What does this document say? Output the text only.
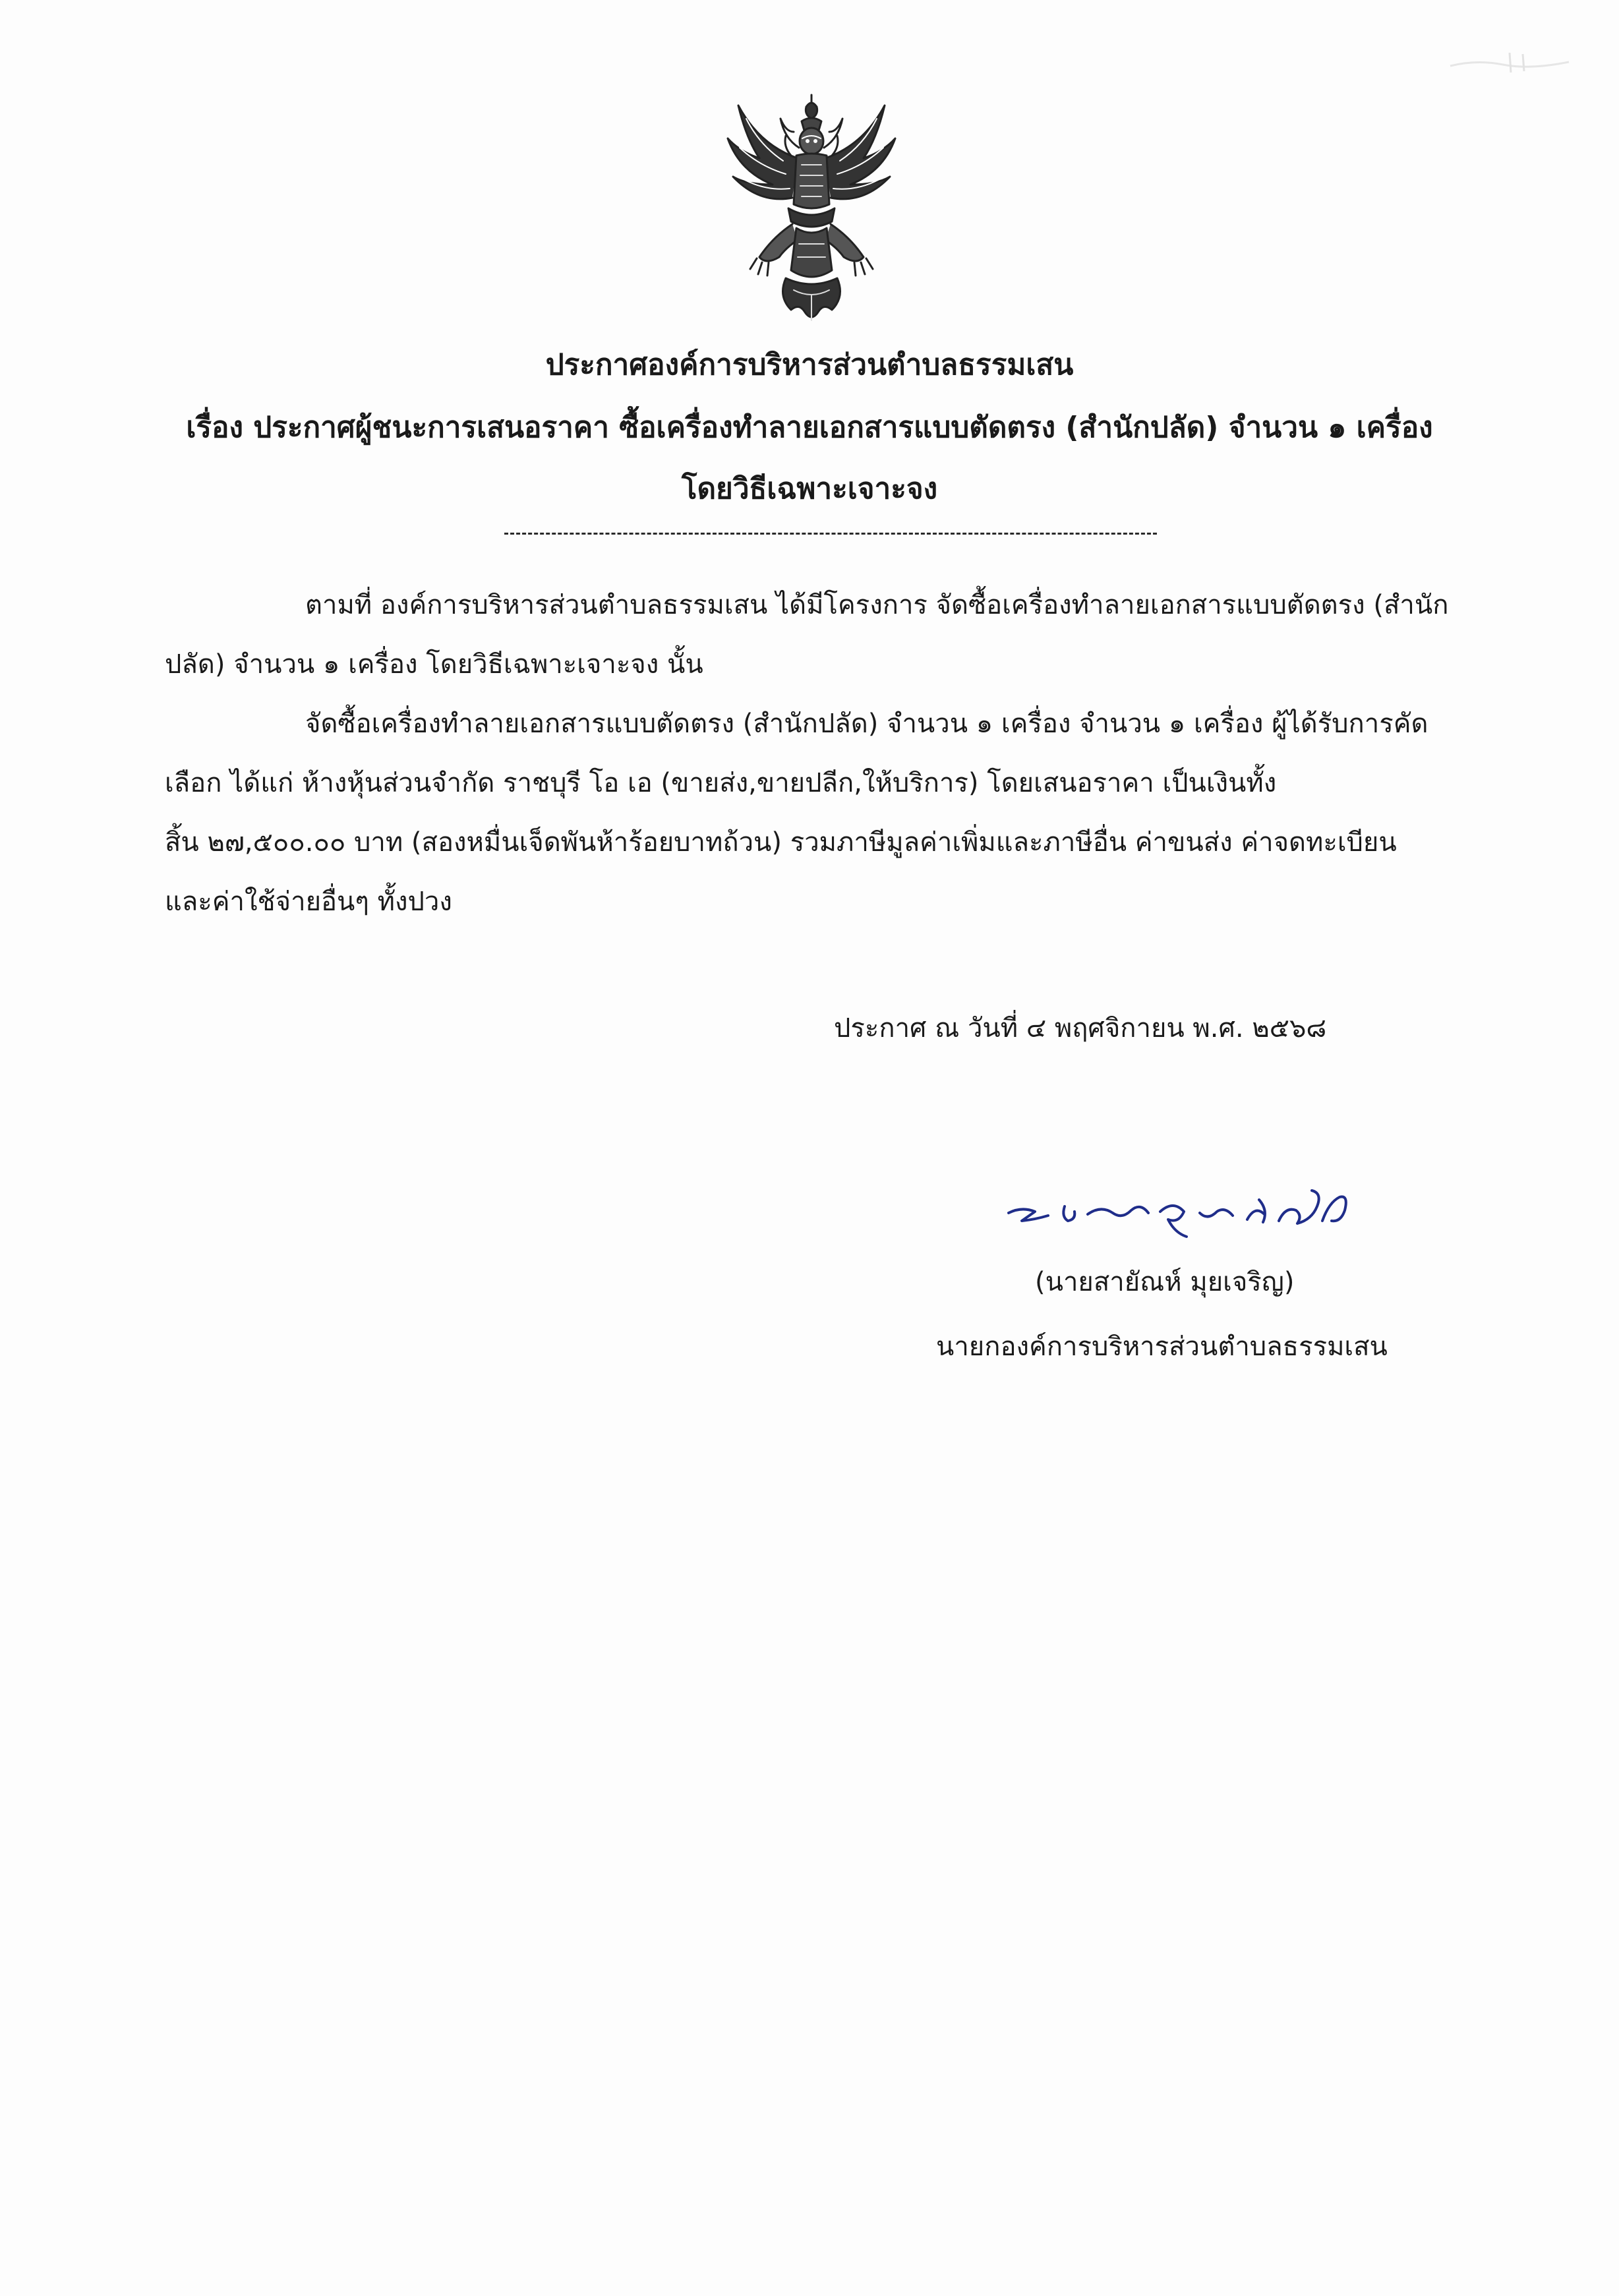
ประกาศองค์การบริหารส่วนตำบลธรรมเสน
เรื่อง ประกาศผู้ชนะการเสนอราคา ซื้อเครื่องทำลายเอกสารแบบตัดตรง (สำนักปลัด) จำนวน ๑ เครื่อง
โดยวิธีเฉพาะเจาะจง
ตามที่ องค์การบริหารส่วนตำบลธรรมเสน ได้มีโครงการ จัดซื้อเครื่องทำลายเอกสารแบบตัดตรง (สำนัก
ปลัด) จำนวน ๑ เครื่อง โดยวิธีเฉพาะเจาะจง นั้น
จัดซื้อเครื่องทำลายเอกสารแบบตัดตรง (สำนักปลัด) จำนวน ๑ เครื่อง จำนวน ๑ เครื่อง ผู้ได้รับการคัด
เลือก ได้แก่ ห้างหุ้นส่วนจำกัด ราชบุรี โอ เอ (ขายส่ง,ขายปลีก,ให้บริการ) โดยเสนอราคา เป็นเงินทั้ง
สิ้น ๒๗,๕๐๐.๐๐ บาท (สองหมื่นเจ็ดพันห้าร้อยบาทถ้วน) รวมภาษีมูลค่าเพิ่มและภาษีอื่น ค่าขนส่ง ค่าจดทะเบียน
และค่าใช้จ่ายอื่นๆ ทั้งปวง
ประกาศ ณ วันที่ ๔ พฤศจิกายน พ.ศ. ๒๕๖๘
(นายสายัณห์ มุยเจริญ)
นายกองค์การบริหารส่วนตำบลธรรมเสน
